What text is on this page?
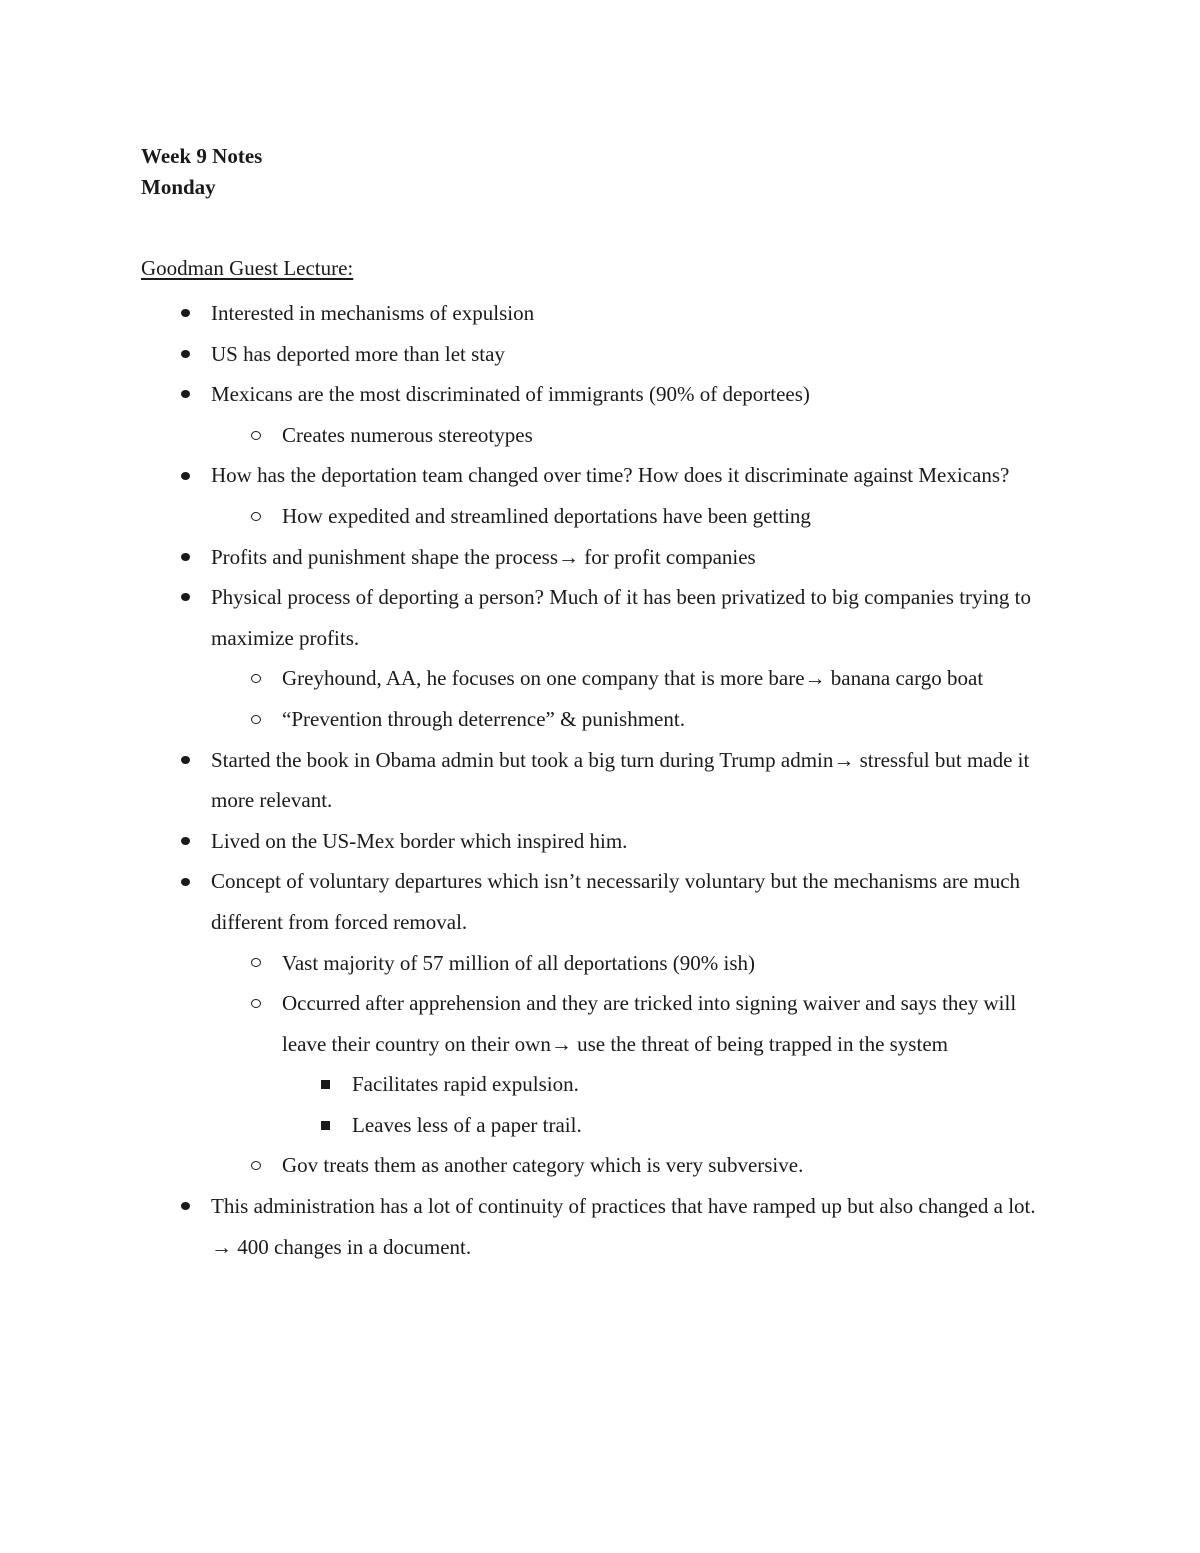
Week 9 Notes
Monday
Goodman Guest Lecture:
Interested in mechanisms of expulsion
US has deported more than let stay
Mexicans are the most discriminated of immigrants (90% of deportees)
Creates numerous stereotypes
How has the deportation team changed over time? How does it discriminate against Mexicans?
How expedited and streamlined deportations have been getting
Profits and punishment shape the process→ for profit companies
Physical process of deporting a person? Much of it has been privatized to big companies trying to maximize profits.
Greyhound, AA, he focuses on one company that is more bare→ banana cargo boat
“Prevention through deterrence” & punishment.
Started the book in Obama admin but took a big turn during Trump admin→ stressful but made it more relevant.
Lived on the US-Mex border which inspired him.
Concept of voluntary departures which isn’t necessarily voluntary but the mechanisms are much different from forced removal.
Vast majority of 57 million of all deportations (90% ish)
Occurred after apprehension and they are tricked into signing waiver and says they will leave their country on their own→ use the threat of being trapped in the system
Facilitates rapid expulsion.
Leaves less of a paper trail.
Gov treats them as another category which is very subversive.
This administration has a lot of continuity of practices that have ramped up but also changed a lot. → 400 changes in a document.
